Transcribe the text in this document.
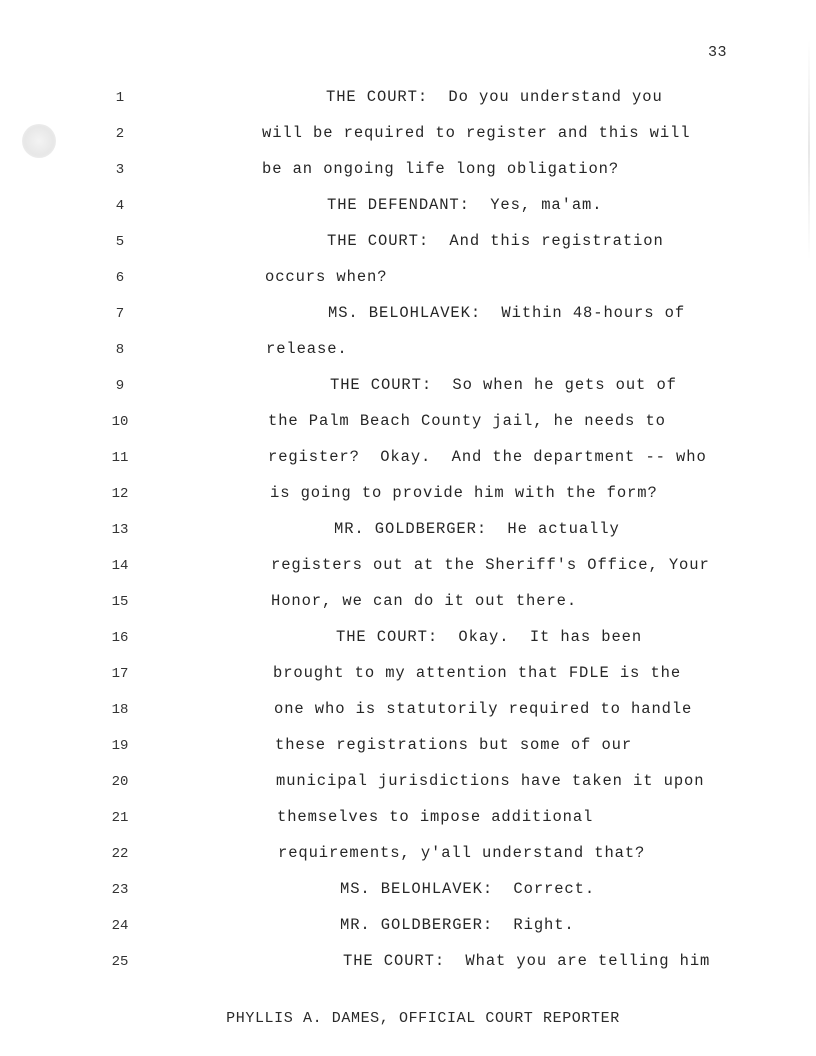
33
1	THE COURT:  Do you understand you
2	will be required to register and this will
3	be an ongoing life long obligation?
4	THE DEFENDANT:  Yes, ma'am.
5	THE COURT:  And this registration
6	occurs when?
7	MS. BELOHLAVEK:  Within 48-hours of
8	release.
9	THE COURT:  So when he gets out of
10	the Palm Beach County jail, he needs to
11	register?  Okay.  And the department -- who
12	is going to provide him with the form?
13	MR. GOLDBERGER:  He actually
14	registers out at the Sheriff's Office, Your
15	Honor, we can do it out there.
16	THE COURT:  Okay.  It has been
17	brought to my attention that FDLE is the
18	one who is statutorily required to handle
19	these registrations but some of our
20	municipal jurisdictions have taken it upon
21	themselves to impose additional
22	requirements, y'all understand that?
23	MS. BELOHLAVEK:  Correct.
24	MR. GOLDBERGER:  Right.
25	THE COURT:  What you are telling him
PHYLLIS A. DAMES, OFFICIAL COURT REPORTER
